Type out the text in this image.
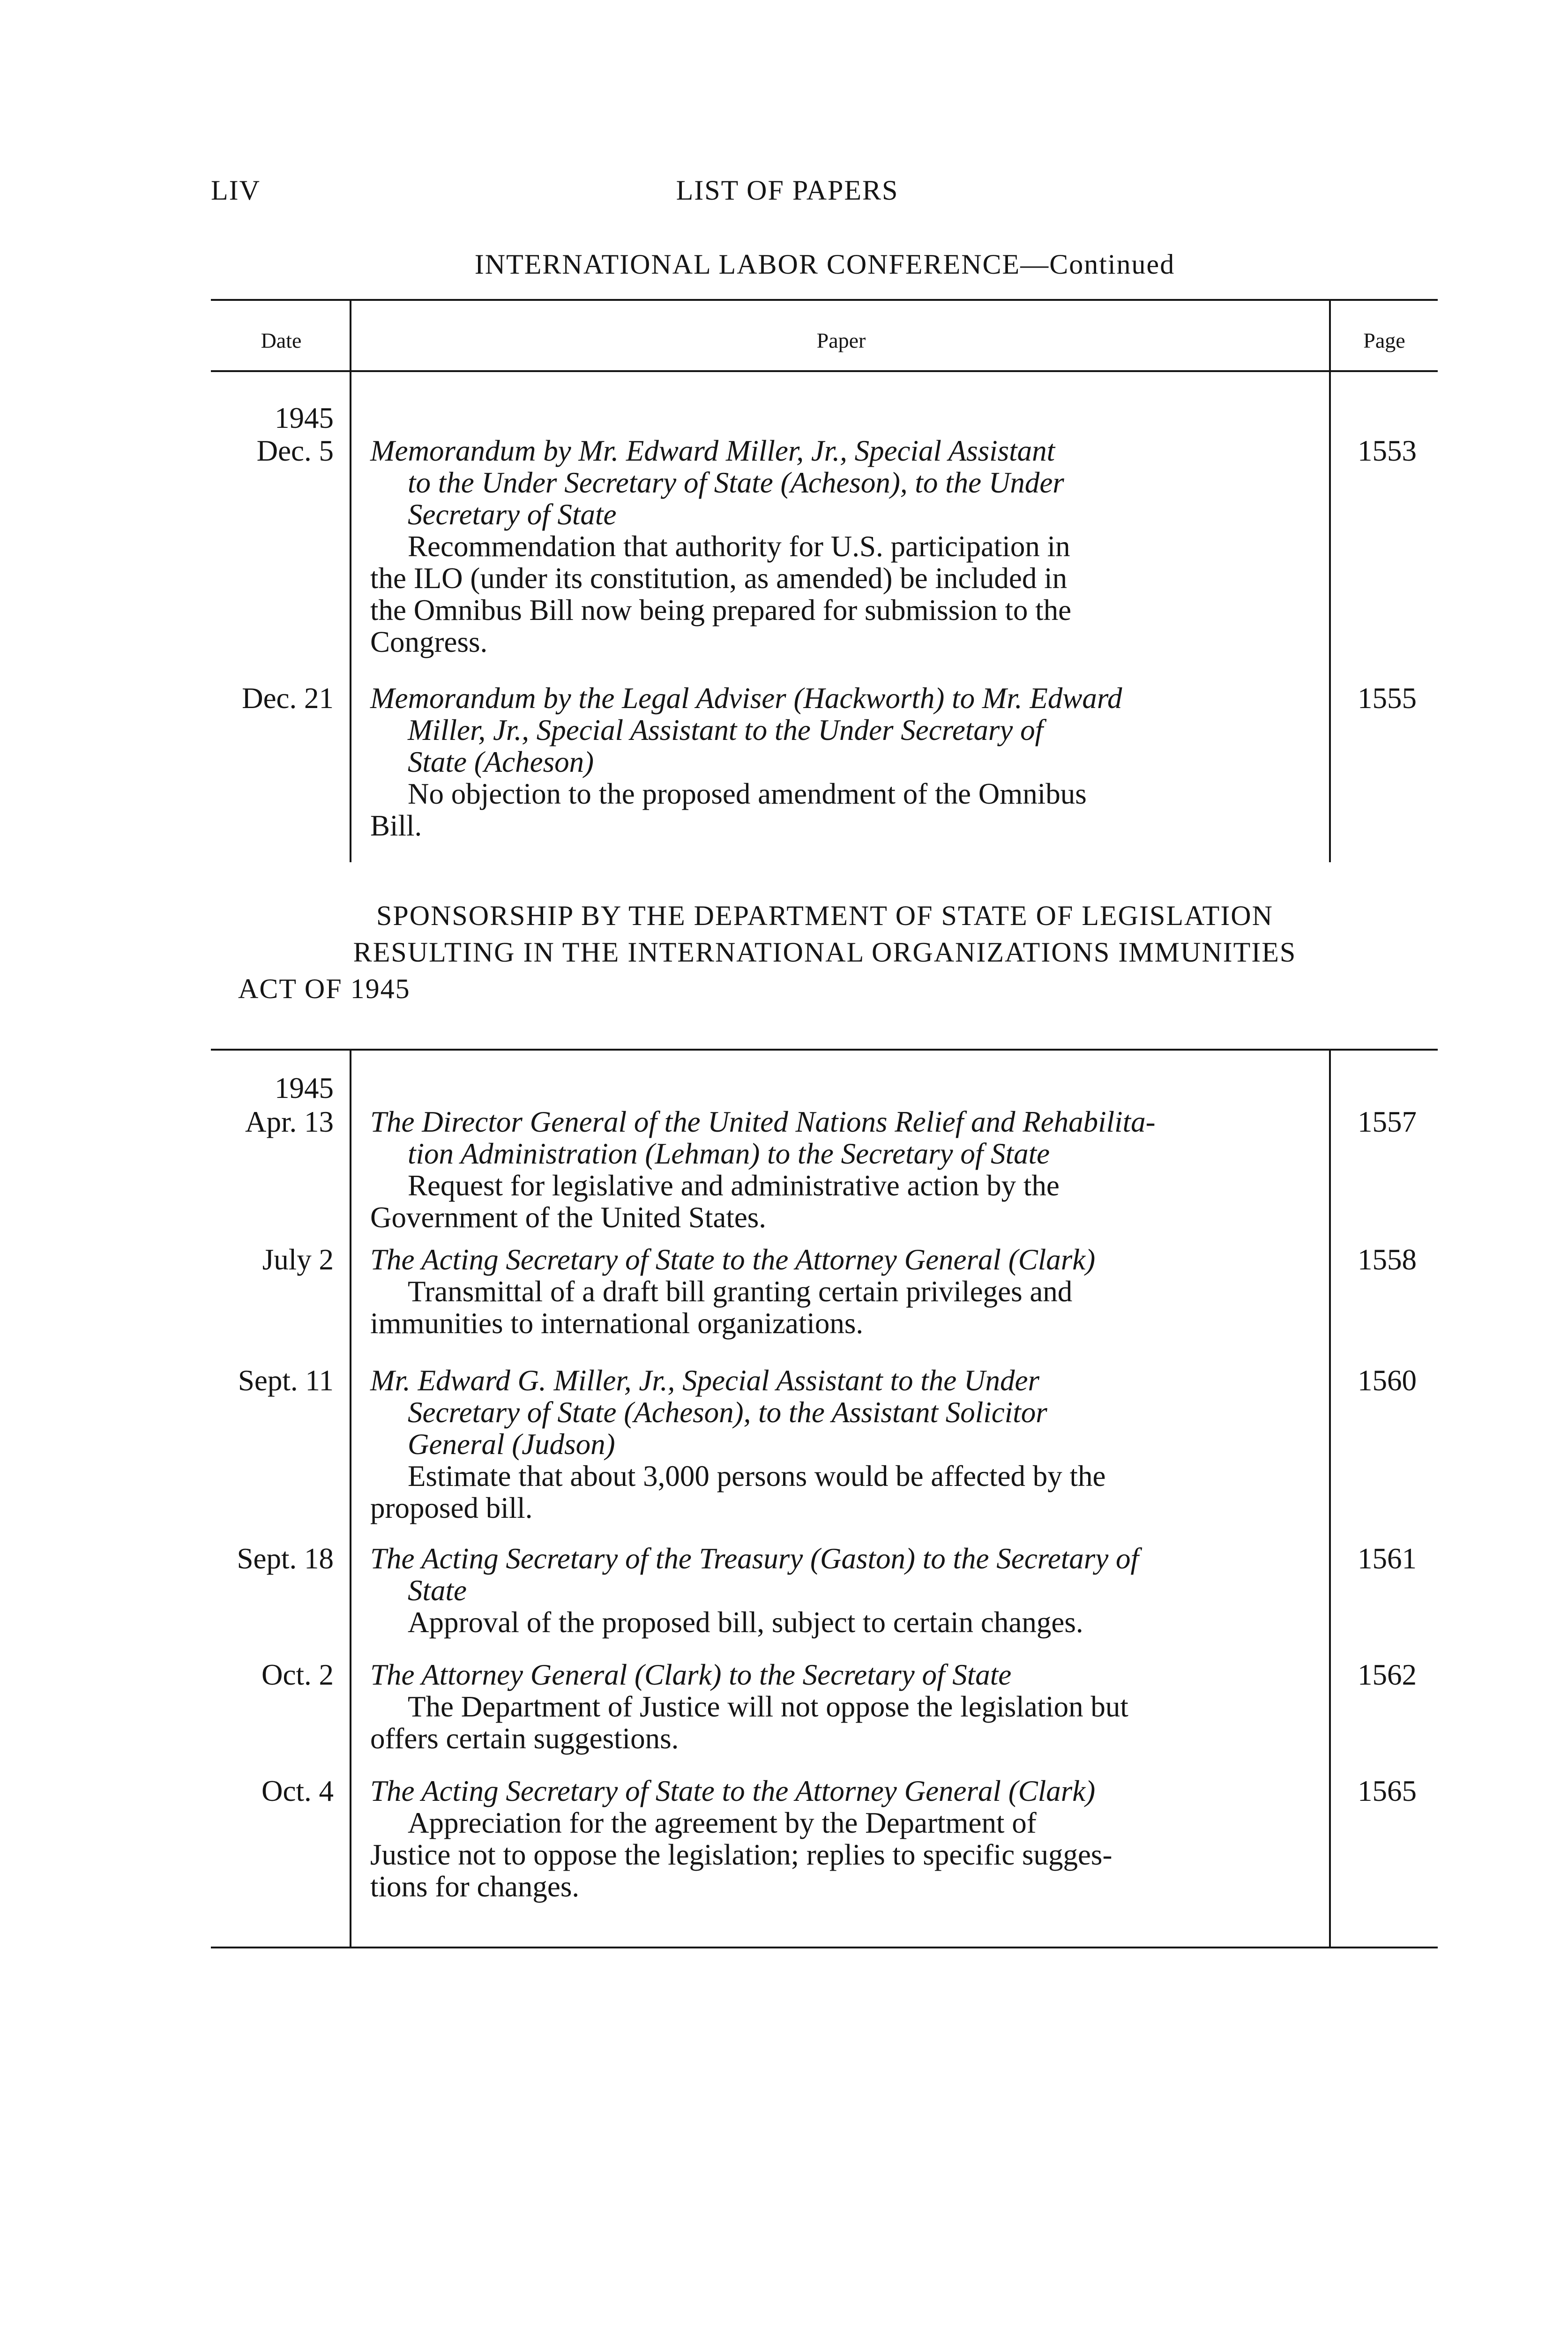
LIV	LIST OF PAPERS
INTERNATIONAL LABOR CONFERENCE—Continued
Date	Paper	Page
1945
Dec. 5 Memorandum by Mr. Edward Miller, Jr., Special Assistant
to the Under Secretary of State (Acheson), to the Under
Secretary of State
Recommendation that authority for U.S. participation in
the ILO (under its constitution, as amended) be included in
the Omnibus Bill now being prepared for submission to the
Congress.
1553
Dec. 21 Memorandum by the Legal Adviser (Hackworth) to Mr. Edward
Miller, Jr., Special Assistant to the Under Secretary of
State (Acheson)
No objection to the proposed amendment of the Omnibus
Bill.
1555
SPONSORSHIP BY THE DEPARTMENT OF STATE OF LEGISLATION
RESULTING IN THE INTERNATIONAL ORGANIZATIONS IMMUNITIES
ACT OF 1945
1945
Apr. 13 The Director General of the United Nations Relief and Rehabilita-
tion Administration (Lehman) to the Secretary of State
Request for legislative and administrative action by the
Government of the United States.
1557
July 2 The Acting Secretary of State to the Attorney General (Clark)
Transmittal of a draft bill granting certain privileges and
immunities to international organizations.
1558
Sept. 11 Mr. Edward G. Miller, Jr., Special Assistant to the Under
Secretary of State (Acheson), to the Assistant Solicitor
General (Judson)
Estimate that about 3,000 persons would be affected by the
proposed bill.
1560
Sept. 18 The Acting Secretary of the Treasury (Gaston) to the Secretary of
State
Approval of the proposed bill, subject to certain changes.
1561
Oct. 2 The Attorney General (Clark) to the Secretary of State
The Department of Justice will not oppose the legislation but
offers certain suggestions.
1562
Oct. 4 The Acting Secretary of State to the Attorney General (Clark)
Appreciation for the agreement by the Department of
Justice not to oppose the legislation; replies to specific sugges-
tions for changes.
1565
